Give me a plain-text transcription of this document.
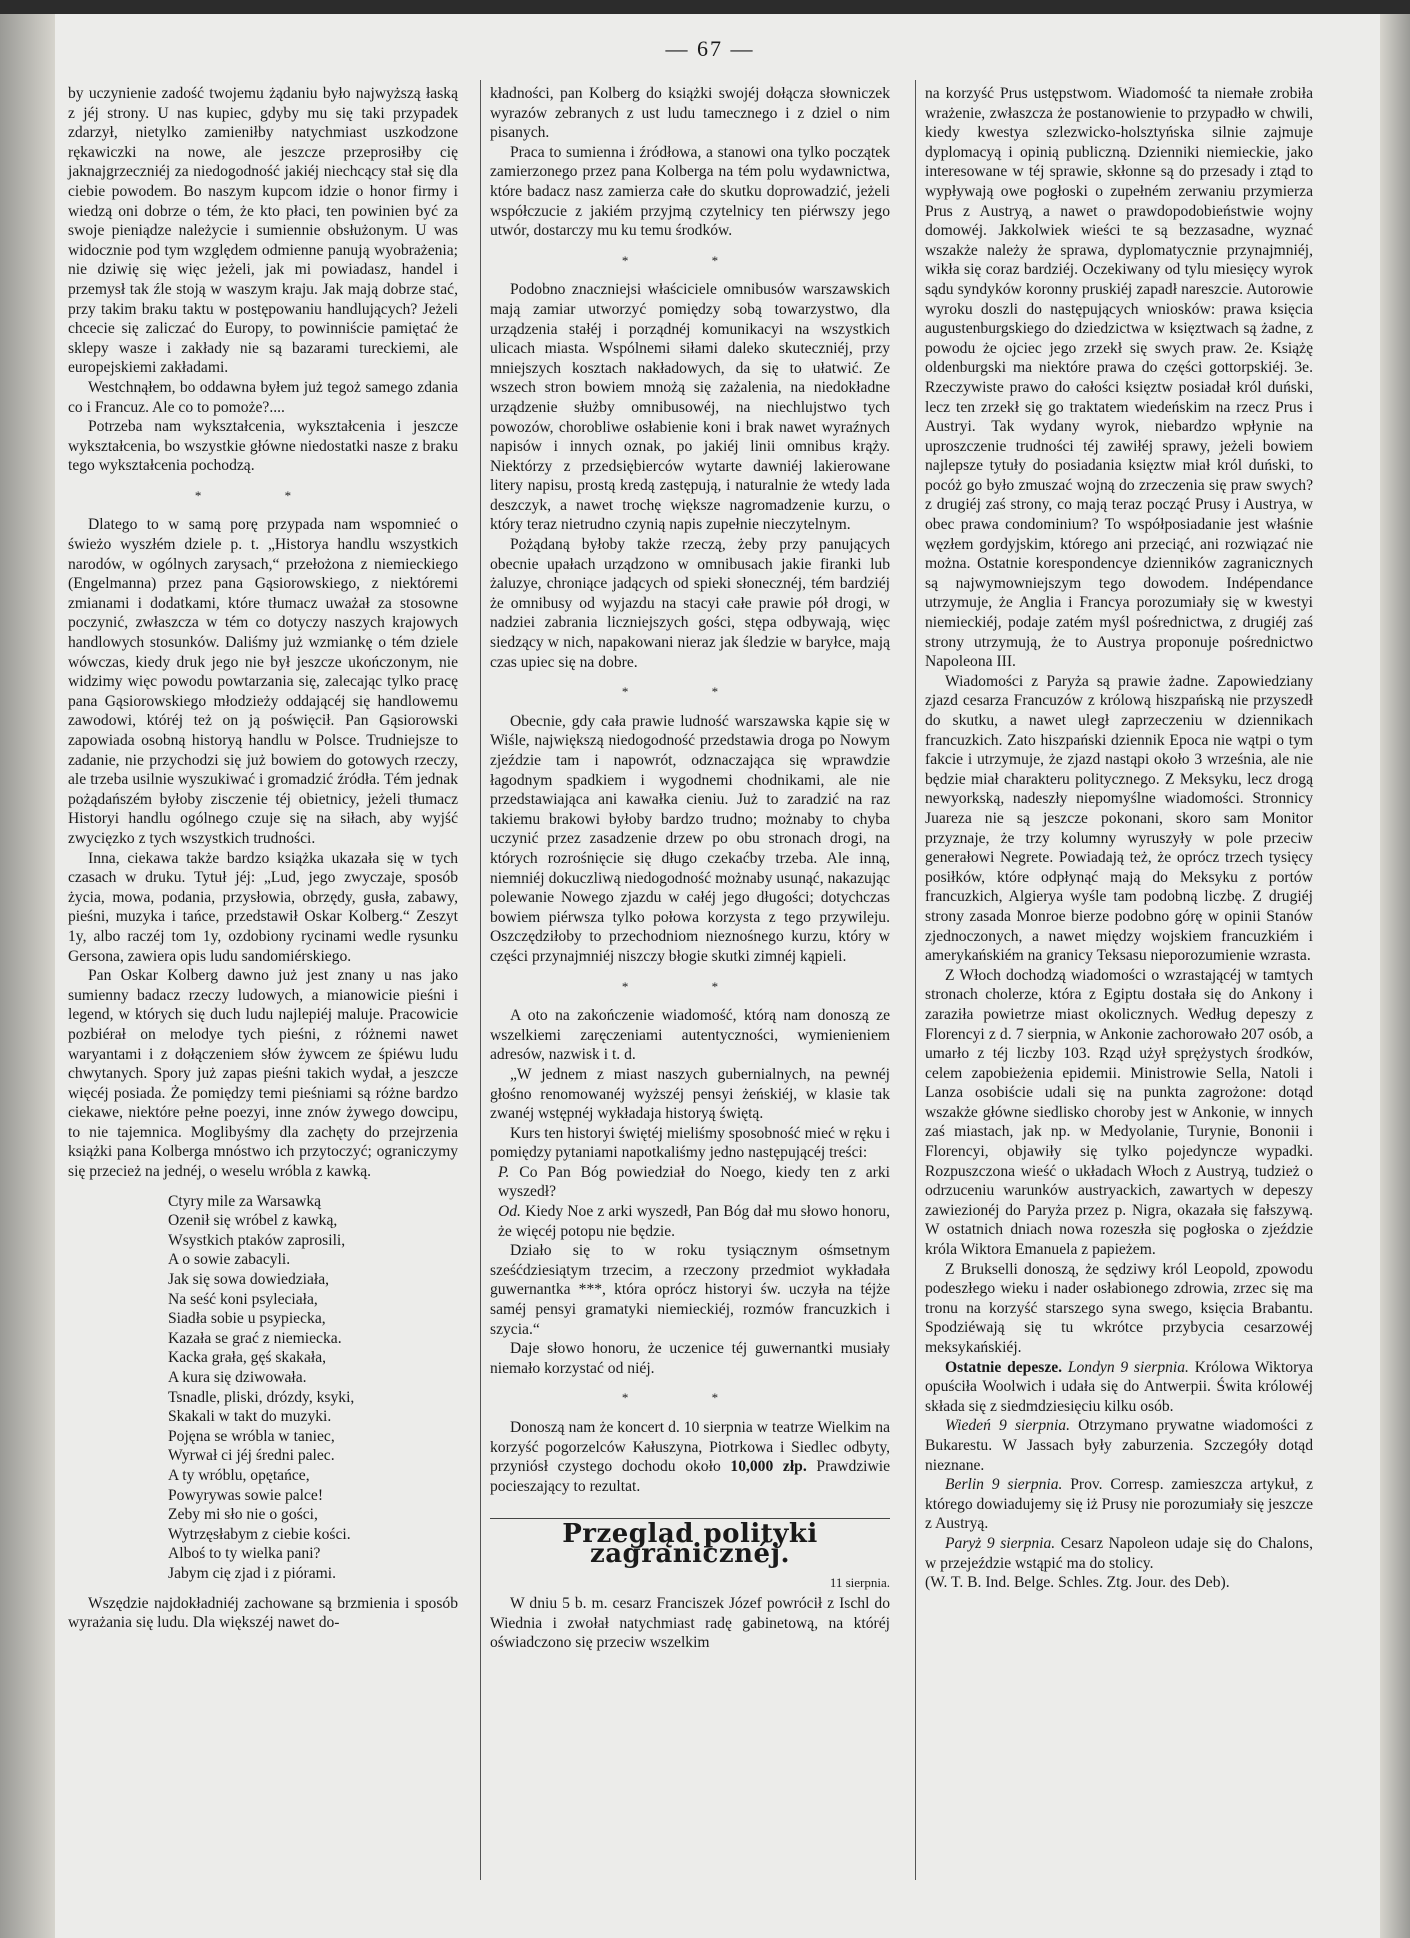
— 67 —

by uczynienie zadość twojemu żądaniu było najwyższą łaską z jéj strony. U nas kupiec, gdyby mu się taki przypadek zdarzył, nietylko zamieniłby natychmiast uszkodzone rękawiczki na nowe, ale jeszcze przeprosiłby cię jaknajgrzeczniéj za niedogodność jakiéj niechcący stał się dla ciebie powodem. Bo naszym kupcom idzie o honor firmy i wiedzą oni dobrze o tém, że kto płaci, ten powinien być za swoje pieniądze należycie i sumiennie obsłużonym. U was widocznie pod tym względem odmienne panują wyobrażenia; nie dziwię się więc jeżeli, jak mi powiadasz, handel i przemysł tak źle stoją w waszym kraju. Jak mają dobrze stać, przy takim braku taktu w postępowaniu handlujących? Jeżeli chcecie się zaliczać do Europy, to powinniście pamiętać że sklepy wasze i zakłady nie są bazarami tureckiemi, ale europejskiemi zakładami.

Westchnąłem, bo oddawna byłem już tegoż samego zdania co i Francuz. Ale co to pomoże?....

Potrzeba nam wykształcenia, wykształcenia i jeszcze wykształcenia, bo wszystkie główne niedostatki nasze z braku tego wykształcenia pochodzą.

* *

Dlatego to w samą porę przypada nam wspomnieć o świeżo wyszłém dziele p. t. „Historya handlu wszystkich narodów, w ogólnych zarysach,“ przełożona z niemieckiego (Engelmanna) przez pana Gąsiorowskiego, z niektóremi zmianami i dodatkami, które tłumacz uważał za stosowne poczynić, zwłaszcza w tém co dotyczy naszych krajowych handlowych stosunków. Daliśmy już wzmiankę o tém dziele wówczas, kiedy druk jego nie był jeszcze ukończonym, nie widzimy więc powodu powtarzania się, zalecając tylko pracę pana Gąsiorowskiego młodzieży oddającéj się handlowemu zawodowi, któréj też on ją poświęcił. Pan Gąsiorowski zapowiada osobną historyą handlu w Polsce. Trudniejsze to zadanie, nie przychodzi się już bowiem do gotowych rzeczy, ale trzeba usilnie wyszukiwać i gromadzić źródła. Tém jednak pożądańszém byłoby zisczenie téj obietnicy, jeżeli tłumacz Historyi handlu ogólnego czuje się na siłach, aby wyjść zwycięzko z tych wszystkich trudności.

Inna, ciekawa także bardzo książka ukazała się w tych czasach w druku. Tytuł jéj: „Lud, jego zwyczaje, sposób życia, mowa, podania, przysłowia, obrzędy, gusła, zabawy, pieśni, muzyka i tańce, przedstawił Oskar Kolberg.“ Zeszyt 1y, albo raczéj tom 1y, ozdobiony rycinami wedle rysunku Gersona, zawiera opis ludu sandomiérskiego.

Pan Oskar Kolberg dawno już jest znany u nas jako sumienny badacz rzeczy ludowych, a mianowicie pieśni i legend, w których się duch ludu najlepiéj maluje. Pracowicie pozbiérał on melodye tych pieśni, z różnemi nawet waryantami i z dołączeniem słów żywcem ze śpiéwu ludu chwytanych. Spory już zapas pieśni takich wydał, a jeszcze więcéj posiada. Że pomiędzy temi pieśniami są różne bardzo ciekawe, niektóre pełne poezyi, inne znów żywego dowcipu, to nie tajemnica. Moglibyśmy dla zachęty do przejrzenia książki pana Kolberga mnóstwo ich przytoczyć; ograniczymy się przecież na jednéj, o weselu wróbla z kawką.

Ctyry mile za Warsawką
Ozenił się wróbel z kawką,
Wsystkich ptaków zaprosili,
A o sowie zabacyli.
Jak się sowa dowiedziała,
Na seść koni psyleciała,
Siadła sobie u psypiecka,
Kazała se grać z niemiecka.
Kacka grała, gęś skakała,
A kura się dziwowała.
Tsnadle, pliski, drózdy, ksyki,
Skakali w takt do muzyki.
Pojęna se wróbla w taniec,
Wyrwał ci jéj średni palec.
A ty wróblu, opętańce,
Powyrywas sowie palce!
Zeby mi sło nie o gości,
Wytrzęsłabym z ciebie kości.
Alboś to ty wielka pani?
Jabym cię zjad i z piórami.

Wszędzie najdokładniéj zachowane są brzmienia i sposób wyrażania się ludu. Dla większéj nawet do-

kładności, pan Kolberg do książki swojéj dołącza słowniczek wyrazów zebranych z ust ludu tamecznego i z dziel o nim pisanych.

Praca to sumienna i źródłowa, a stanowi ona tylko początek zamierzonego przez pana Kolberga na tém polu wydawnictwa, które badacz nasz zamierza całe do skutku doprowadzić, jeżeli współczucie z jakiém przyjmą czytelnicy ten piérwszy jego utwór, dostarczy mu ku temu środków.

* *

Podobno znaczniejsi właściciele omnibusów warszawskich mają zamiar utworzyć pomiędzy sobą towarzystwo, dla urządzenia stałéj i porządnéj komunikacyi na wszystkich ulicach miasta. Wspólnemi siłami daleko skuteczniéj, przy mniejszych kosztach nakładowych, da się to ułatwić. Ze wszech stron bowiem mnożą się zażalenia, na niedokładne urządzenie służby omnibusowéj, na niechlujstwo tych powozów, chorobliwe osłabienie koni i brak nawet wyraźnych napisów i innych oznak, po jakiéj linii omnibus krąży. Niektórzy z przedsiębierców wytarte dawniéj lakierowane litery napisu, prostą kredą zastępują, i naturalnie że wtedy lada deszczyk, a nawet trochę większe nagromadzenie kurzu, o który teraz nietrudno czynią napis zupełnie nieczytelnym.

Pożądaną byłoby także rzeczą, żeby przy panujących obecnie upałach urządzono w omnibusach jakie firanki lub żaluzye, chroniące jadących od spieki słonecznéj, tém bardziéj że omnibusy od wyjazdu na stacyi całe prawie pół drogi, w nadziei zabrania liczniejszych gości, stępa odbywają, więc siedzący w nich, napakowani nieraz jak śledzie w baryłce, mają czas upiec się na dobre.

* *

Obecnie, gdy cała prawie ludność warszawska kąpie się w Wiśle, największą niedogodność przedstawia droga po Nowym zjeździe tam i napowrót, odznaczająca się wprawdzie łagodnym spadkiem i wygodnemi chodnikami, ale nie przedstawiająca ani kawałka cieniu. Już to zaradzić na raz takiemu brakowi byłoby bardzo trudno; możnaby to chyba uczynić przez zasadzenie drzew po obu stronach drogi, na których rozrośnięcie się długo czekaćby trzeba. Ale inną, niemniéj dokuczliwą niedogodność możnaby usunąć, nakazując polewanie Nowego zjazdu w całéj jego długości; dotychczas bowiem piérwsza tylko połowa korzysta z tego przywileju. Oszczędziłoby to przechodniom nieznośnego kurzu, który w części przynajmniéj niszczy błogie skutki zimnéj kąpieli.

* *

A oto na zakończenie wiadomość, którą nam donoszą ze wszelkiemi zaręczeniami autentyczności, wymienieniem adresów, nazwisk i t. d.

„W jednem z miast naszych gubernialnych, na pewnéj głośno renomowanéj wyższéj pensyi żeńskiéj, w klasie tak zwanéj wstępnéj wykładaja historyą świętą.

Kurs ten historyi świętéj mieliśmy sposobność mieć w ręku i pomiędzy pytaniami napotkaliśmy jedno następującéj treści:

P. Co Pan Bóg powiedział do Noego, kiedy ten z arki wyszedł?

Od. Kiedy Noe z arki wyszedł, Pan Bóg dał mu słowo honoru, że więcéj potopu nie będzie.

Działo się to w roku tysiącznym ośmsetnym sześćdziesiątym trzecim, a rzeczony przedmiot wykładała guwernantka ***, która oprócz historyi św. uczyła na téjże saméj pensyi gramatyki niemieckiéj, rozmów francuzkich i szycia.“

Daje słowo honoru, że uczenice téj guwernantki musiały niemało korzystać od niéj.

* *

Donoszą nam że koncert d. 10 sierpnia w teatrze Wielkim na korzyść pogorzelców Kałuszyna, Piotrkowa i Siedlec odbyty, przyniósł czystego dochodu około 10,000 złp. Prawdziwie pocieszający to rezultat.

Przegląd polityki zagranicznéj.
11 sierpnia.

W dniu 5 b. m. cesarz Franciszek Józef powrócił z Ischl do Wiednia i zwołał natychmiast radę gabinetową, na któréj oświadczono się przeciw wszelkim

na korzyść Prus ustępstwom. Wiadomość ta niemałe zrobiła wrażenie, zwłaszcza że postanowienie to przypadło w chwili, kiedy kwestya szlezwicko-holsztyńska silnie zajmuje dyplomacyą i opinią publiczną. Dzienniki niemieckie, jako interesowane w téj sprawie, skłonne są do przesady i ztąd to wypływają owe pogłoski o zupełném zerwaniu przymierza Prus z Austryą, a nawet o prawdopodobieństwie wojny domowéj. Jakkolwiek wieści te są bezzasadne, wyznać wszakże należy że sprawa, dyplomatycznie przynajmniéj, wikła się coraz bardziéj. Oczekiwany od tylu miesięcy wyrok sądu syndyków koronny pruskiéj zapadł nareszcie. Autorowie wyroku doszli do następujących wniosków: prawa księcia augustenburgskiego do dziedzictwa w księztwach są żadne, z powodu że ojciec jego zrzekł się swych praw. 2e. Książę oldenburgski ma niektóre prawa do części gottorpskiéj. 3e. Rzeczywiste prawo do całości księztw posiadał król duński, lecz ten zrzekł się go traktatem wiedeńskim na rzecz Prus i Austryi. Tak wydany wyrok, niebardzo wpłynie na uproszczenie trudności téj zawiłéj sprawy, jeżeli bowiem najlepsze tytuły do posiadania księztw miał król duński, to pocóż go było zmuszać wojną do zrzeczenia się praw swych? z drugiéj zaś strony, co mają teraz począć Prusy i Austrya, w obec prawa condominium? To współposiadanie jest właśnie węzłem gordyjskim, którego ani przeciąć, ani rozwiązać nie można. Ostatnie korespondencye dzienników zagranicznych są najwymowniejszym tego dowodem. Indépendance utrzymuje, że Anglia i Francya porozumiały się w kwestyi niemieckiéj, podaje zatém myśl pośrednictwa, z drugiéj zaś strony utrzymują, że to Austrya proponuje pośrednictwo Napoleona III.

Wiadomości z Paryża są prawie żadne. Zapowiedziany zjazd cesarza Francuzów z królową hiszpańską nie przyszedł do skutku, a nawet uległ zaprzeczeniu w dziennikach francuzkich. Zato hiszpański dziennik Epoca nie wątpi o tym fakcie i utrzymuje, że zjazd nastąpi około 3 września, ale nie będzie miał charakteru politycznego. Z Meksyku, lecz drogą newyorkską, nadeszły niepomyślne wiadomości. Stronnicy Juareza nie są jeszcze pokonani, skoro sam Monitor przyznaje, że trzy kolumny wyruszyły w pole przeciw generałowi Negrete. Powiadają też, że oprócz trzech tysięcy posiłków, które odpłynąć mają do Meksyku z portów francuzkich, Algierya wyśle tam podobną liczbę. Z drugiéj strony zasada Monroe bierze podobno górę w opinii Stanów zjednoczonych, a nawet między wojskiem francuzkiém i amerykańskiém na granicy Teksasu nieporozumienie wzrasta.

Z Włoch dochodzą wiadomości o wzrastającéj w tamtych stronach cholerze, która z Egiptu dostała się do Ankony i zaraziła powietrze miast okolicznych. Według depeszy z Florencyi z d. 7 sierpnia, w Ankonie zachorowało 207 osób, a umarło z téj liczby 103. Rząd użył sprężystych środków, celem zapobieżenia epidemii. Ministrowie Sella, Natoli i Lanza osobiście udali się na punkta zagrożone: dotąd wszakże główne siedlisko choroby jest w Ankonie, w innych zaś miastach, jak np. w Medyolanie, Turynie, Bononii i Florencyi, objawiły się tylko pojedyncze wypadki. Rozpuszczona wieść o układach Włoch z Austryą, tudzież o odrzuceniu warunków austryackich, zawartych w depeszy zawiezionéj do Paryża przez p. Nigra, okazała się fałszywą. W ostatnich dniach nowa rozeszła się pogłoska o zjeździe króla Wiktora Emanuela z papieżem.

Z Brukselli donoszą, że sędziwy król Leopold, zpowodu podeszłego wieku i nader osłabionego zdrowia, zrzec się ma tronu na korzyść starszego syna swego, księcia Brabantu. Spodziéwają się tu wkrótce przybycia cesarzowéj meksykańskiéj.

Ostatnie depesze. Londyn 9 sierpnia. Królowa Wiktorya opuściła Woolwich i udała się do Antwerpii. Świta królowéj składa się z siedmdziesięciu kilku osób.

Wiedeń 9 sierpnia. Otrzymano prywatne wiadomości z Bukarestu. W Jassach były zaburzenia. Szczegóły dotąd nieznane.

Berlin 9 sierpnia. Prov. Corresp. zamieszcza artykuł, z którego dowiadujemy się iż Prusy nie porozumiały się jeszcze z Austryą.

Paryż 9 sierpnia. Cesarz Napoleon udaje się do Chalons, w przejeździe wstąpić ma do stolicy.

(W. T. B. Ind. Belge. Schles. Ztg. Jour. des Deb).
